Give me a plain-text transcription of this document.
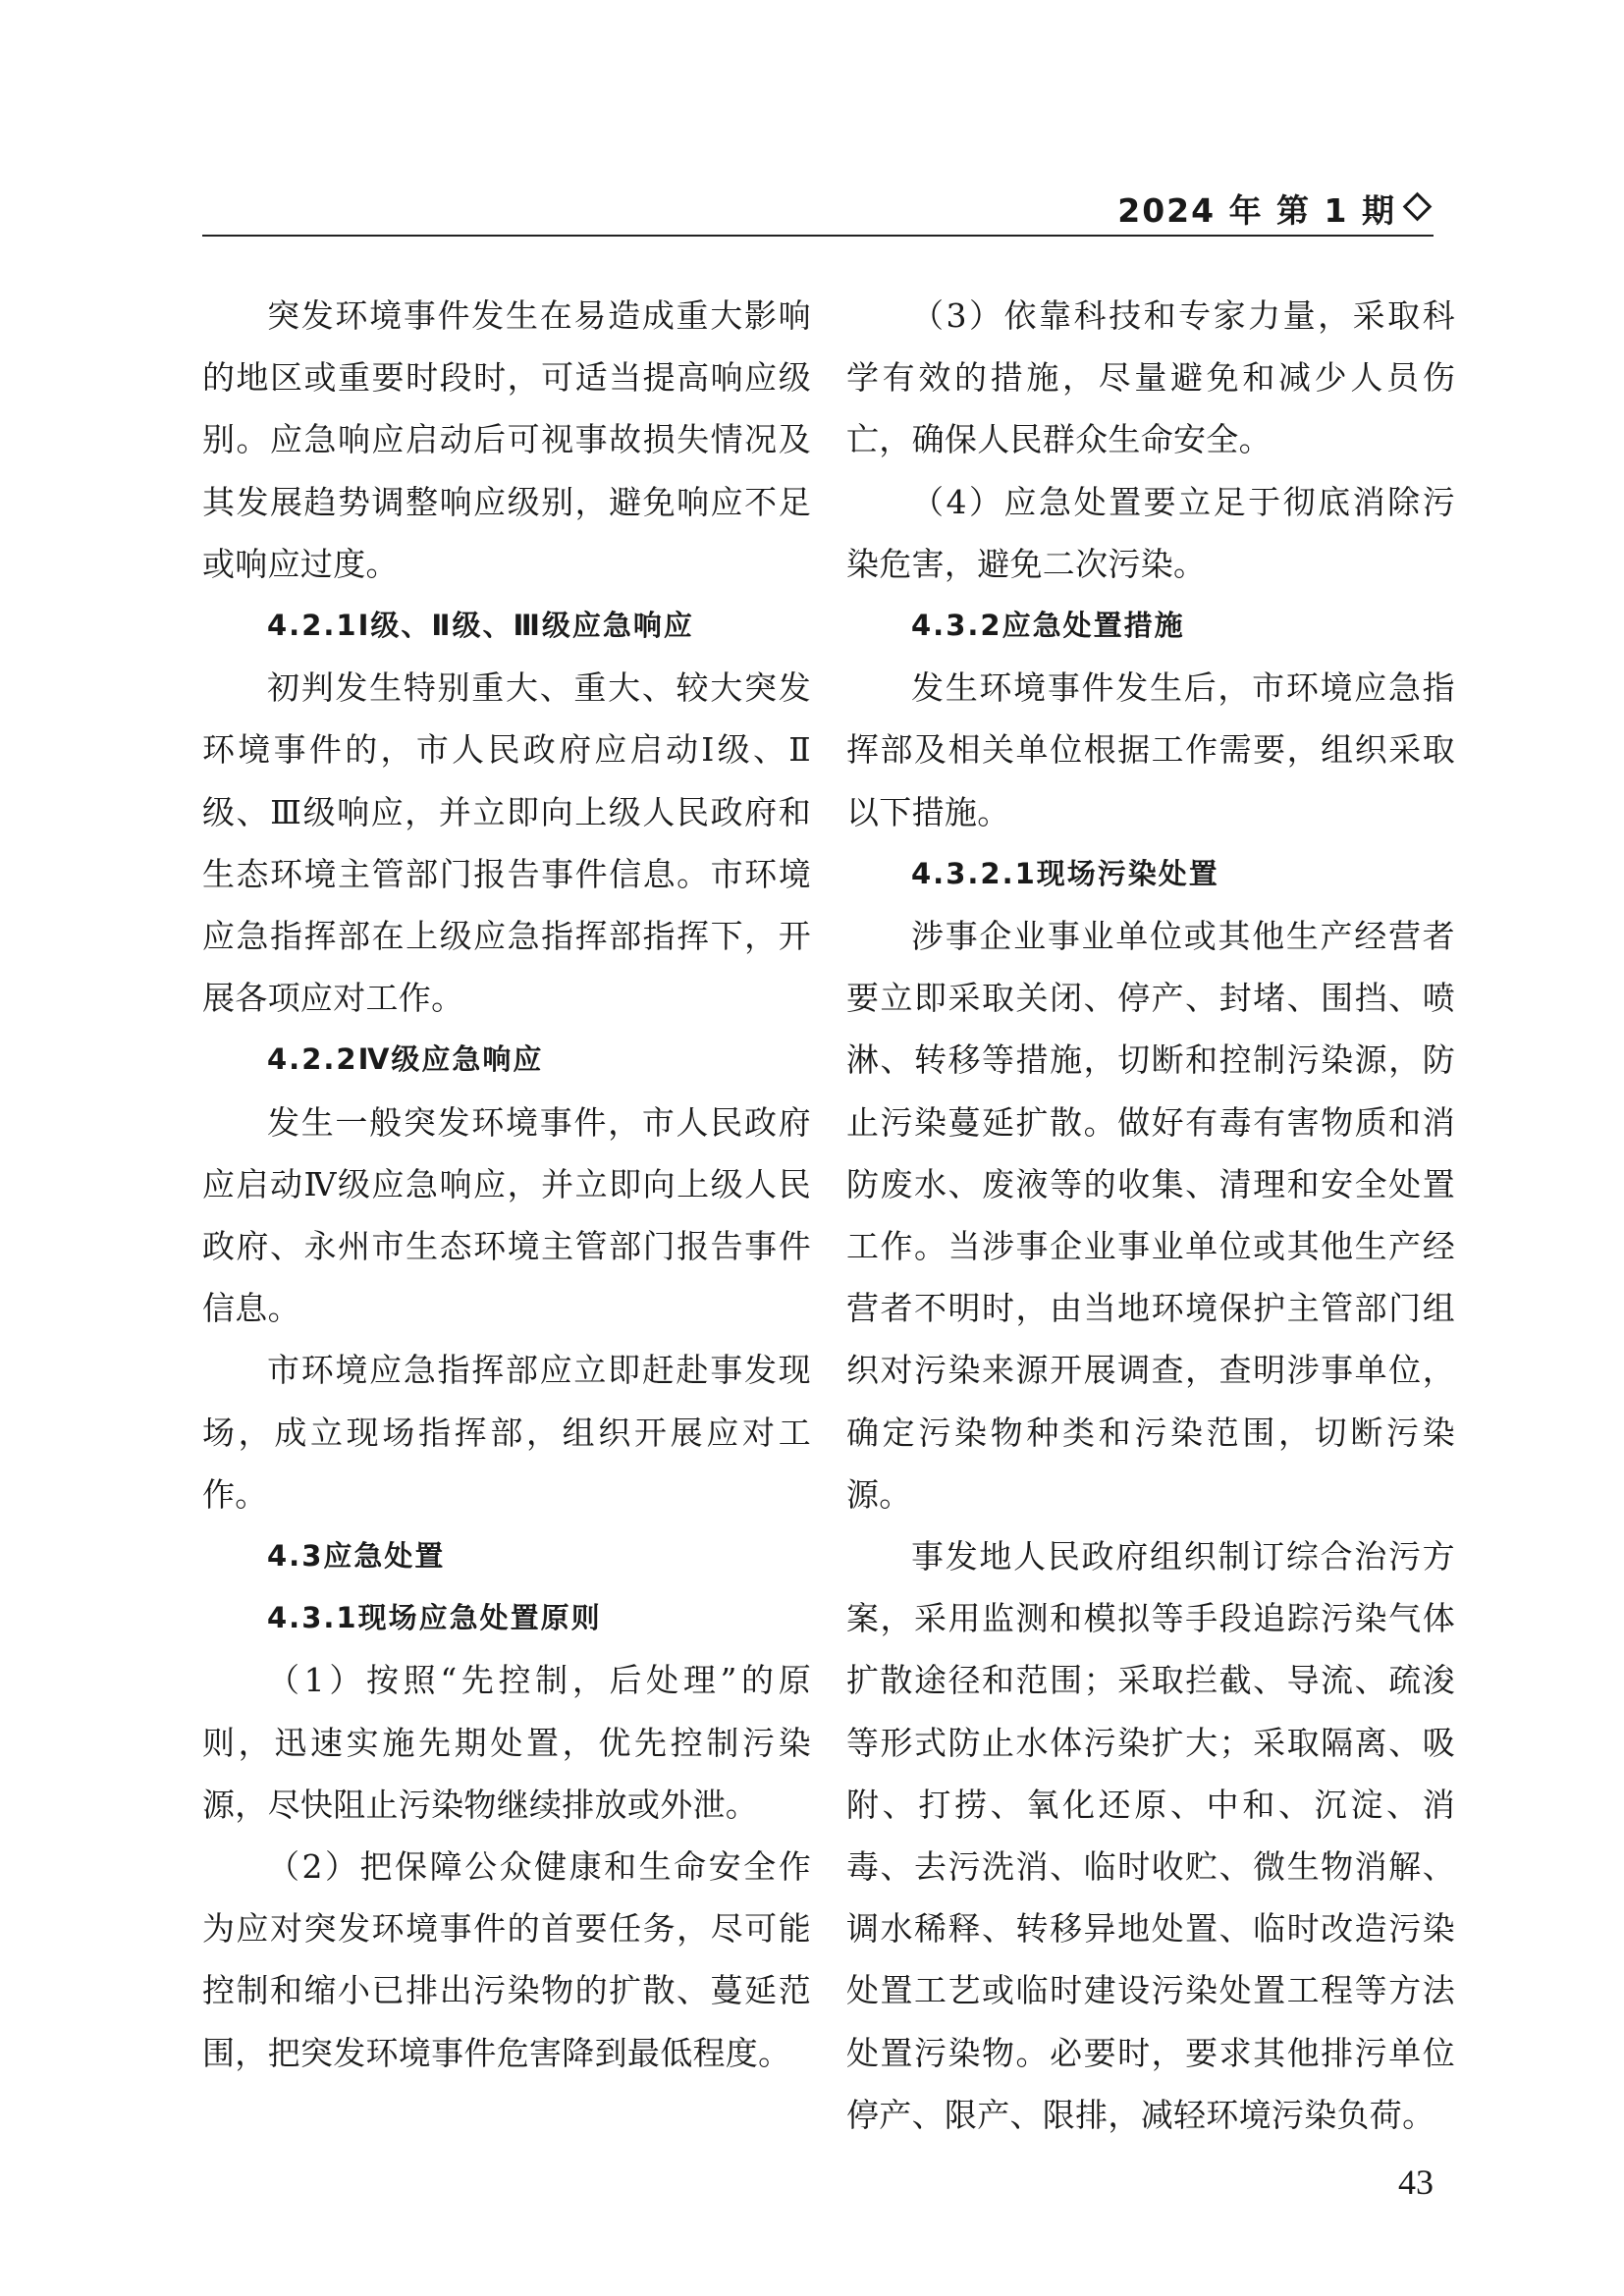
2024 年 第 1 期

突发环境事件发生在易造成重大影响的地区或重要时段时，可适当提高响应级别。应急响应启动后可视事故损失情况及其发展趋势调整响应级别，避免响应不足或响应过度。

4.2.1Ⅰ级、Ⅱ级、Ⅲ级应急响应

初判发生特别重大、重大、较大突发环境事件的，市人民政府应启动Ⅰ级、Ⅱ级、Ⅲ级响应，并立即向上级人民政府和生态环境主管部门报告事件信息。市环境应急指挥部在上级应急指挥部指挥下，开展各项应对工作。

4.2.2Ⅳ级应急响应

发生一般突发环境事件，市人民政府应启动Ⅳ级应急响应，并立即向上级人民政府、永州市生态环境主管部门报告事件信息。

市环境应急指挥部应立即赶赴事发现场，成立现场指挥部，组织开展应对工作。

4.3应急处置
4.3.1现场应急处置原则

（1）按照“先控制，后处理”的原则，迅速实施先期处置，优先控制污染源，尽快阻止污染物继续排放或外泄。

（2）把保障公众健康和生命安全作为应对突发环境事件的首要任务，尽可能控制和缩小已排出污染物的扩散、蔓延范围，把突发环境事件危害降到最低程度。

（3）依靠科技和专家力量，采取科学有效的措施，尽量避免和减少人员伤亡，确保人民群众生命安全。

（4）应急处置要立足于彻底消除污染危害，避免二次污染。

4.3.2应急处置措施

发生环境事件发生后，市环境应急指挥部及相关单位根据工作需要，组织采取以下措施。

4.3.2.1现场污染处置

涉事企业事业单位或其他生产经营者要立即采取关闭、停产、封堵、围挡、喷淋、转移等措施，切断和控制污染源，防止污染蔓延扩散。做好有毒有害物质和消防废水、废液等的收集、清理和安全处置工作。当涉事企业事业单位或其他生产经营者不明时，由当地环境保护主管部门组织对污染来源开展调查，查明涉事单位，确定污染物种类和污染范围，切断污染源。

事发地人民政府组织制订综合治污方案，采用监测和模拟等手段追踪污染气体扩散途径和范围；采取拦截、导流、疏浚等形式防止水体污染扩大；采取隔离、吸附、打捞、氧化还原、中和、沉淀、消毒、去污洗消、临时收贮、微生物消解、调水稀释、转移异地处置、临时改造污染处置工艺或临时建设污染处置工程等方法处置污染物。必要时，要求其他排污单位停产、限产、限排，减轻环境污染负荷。

43
